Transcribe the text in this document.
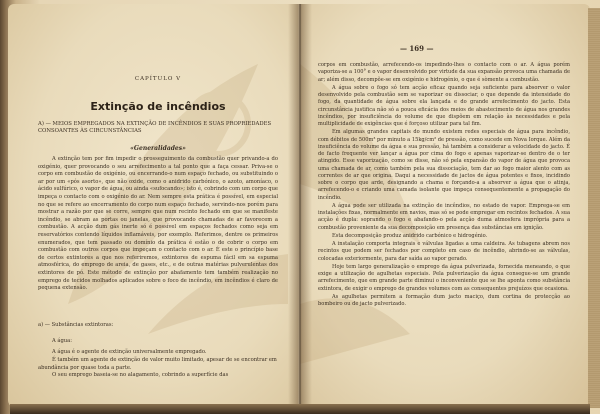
CAPÍTULO V
Extinção de incêndios
A) — MEIOS EMPREGADOS NA EXTINÇÃO DE INCÊNDIOS E SUAS PROPRIEDADES CONSOANTES ÀS CIRCUNSTÂNCIAS
«Generalidades»

A extinção tem por fim impedir o prosseguimento da combustão quer privando-a do oxigénio, quer provocando o seu arrefecimento a tal ponto que a faça cessar. Priva-se o corpo em combustão de oxigénio, ou encerrando-o num espaço fechado, ou substituindo o ar por um «pós asorto», que não oxide, como o anidrido carbónico, o azoto, amoníaco, o ácido sulfúrico, o vapor de água, ou ainda «sufocando»; isto é, cobrindo com um corpo que impeça o contacto com o oxigénio do ar. Nem sempre esta prática é possível, em especial no que se refere ao encerramento do corpo num espaço fechado, servindo-nos porém para mostrar a razão por que se corre, sempre que num recinto fechado em que se manifeste incêndio, se abram as portas ou janelas, que provocando chamadas de ar favorecem a combustão. A acção dum gás inerte só é possível em espaços fechados como seja em reservatórios contendo líquidos inflamáveis, por exemplo. Referimos, dentre os primeiros enumerados, que tem passado ou domínio da prática é estão o de cobrir o corpo em combustão com outros corpos que impeçam o contacto com o ar. É este o princípio base de certos extintores a que nos referiremos, extintores de espuma fácil em sa espuma atmosférica, do emprego de areia, de gases, etc., e de outras matérias pulverulentas dos extintores de pó. Este método de extinção por abafamento tem também realização no emprego de tecidos molhados aplicados sobre o foco de incêndio, em incêndios é claro de pequena extensão.

a) — Substâncias extintoras:
A água:
A água é o agente de extinção universalmente empregado.
É também um agente de extinção de valor muito limitado, apesar de se encontrar em abundância por quase toda a parte.
O seu emprego baseia-se no alagamento, cobrindo a superfície das
— 169 —

corpos em combustão, arrefecendo-os impedindo-lhes o contacto com o ar. A água porém vaporiza-se a 100° e o vapor desenvolvido por virtude da sua expansão provoca uma chamada de ar; além disso, decompõe-se em oxigénio e hidrogénio, o que é sòmente a combustão.

A água sobre o fogo só tem acção eficaz quando seja suficiente para absorver o valor desenvolvido pela combustão sem se vaporizar ou dissociar, o que depende da intensidade do fogo, da quantidade de água sobre ela lançada e do grande arrefecimento do jacto. Esta circunstância justifica não só a pouca eficácia dos meios de abastecimento de água nos grandes incêndios, por insuficiência do volume de que dispõem em relação às necessidades e pela multiplicidade de exigências que é forçoso utilizar para tal fim.

Em algumas grandes capitais do mundo existem redes especiais de água para incêndio, com débitos de 500m³ por minuto a 15kg/cm² de pressão, como sucede em Nova Iorque. Além da insuficiência do volume da água e sua pressão, há também a considerar a velocidade do jacto. É de facto frequente ver lançar a água por cima do fogo e apenas vaporizar-se dentro de o ter atingido. Esse vaporização, como se disse, não só pela expansão do vapor de água que provoca uma chamada de ar, como também pela sua dissociação, tem dar ao fogo maior alento com as correntes de ar que origina. Daqui a necessidade de jactos de água potentes e fixos, incidindo sobre o corpo que arde, designando a chama e forçando-a a absorver a água que o atinja, arrefecendo-o e criando uma camada isolante que impeça consequentemente a propagação do incêndio.

A água pode ser utilizada na extinção de incêndios, no estado de vapor. Emprega-se em instalações fixas, normalmente em navios, mas só se pode empregar em recintos fechados. A sua acção é dupla: soprando o fogo e abafando-o pela acção duma atmosfera imprópria para a combustão proveniente da sua decomposição em presença das substâncias em ignição.

Esta decomposição produz anidrido carbónico e hidrogénio.

A instalação comporta integrais e válvulas ligadas a uma caldeira. As tubagens abrem nos recintos que podem ser fechados por completo em caso de incêndio, abrindo-se as válvulas, colocadas exteriormente, para dar saída ao vapor gerado.

Hoje tem largo generalização o emprego da água pulverizada, fornecida meneando, o que exige a utilização de agulhetas especiais. Pela pulverização da água consegue-se um grande arrefecimento, que em grande parte diminui o inconveniente que se lhe aponta como substância extintora, de exigir o emprego de grandes volumes com as consequentes prejuízos que ocasiona.

As agulhetas permitem a formação dum jacto maciço, dum cortina de protecção ao bombeiro ou de jacto pulverizado.
